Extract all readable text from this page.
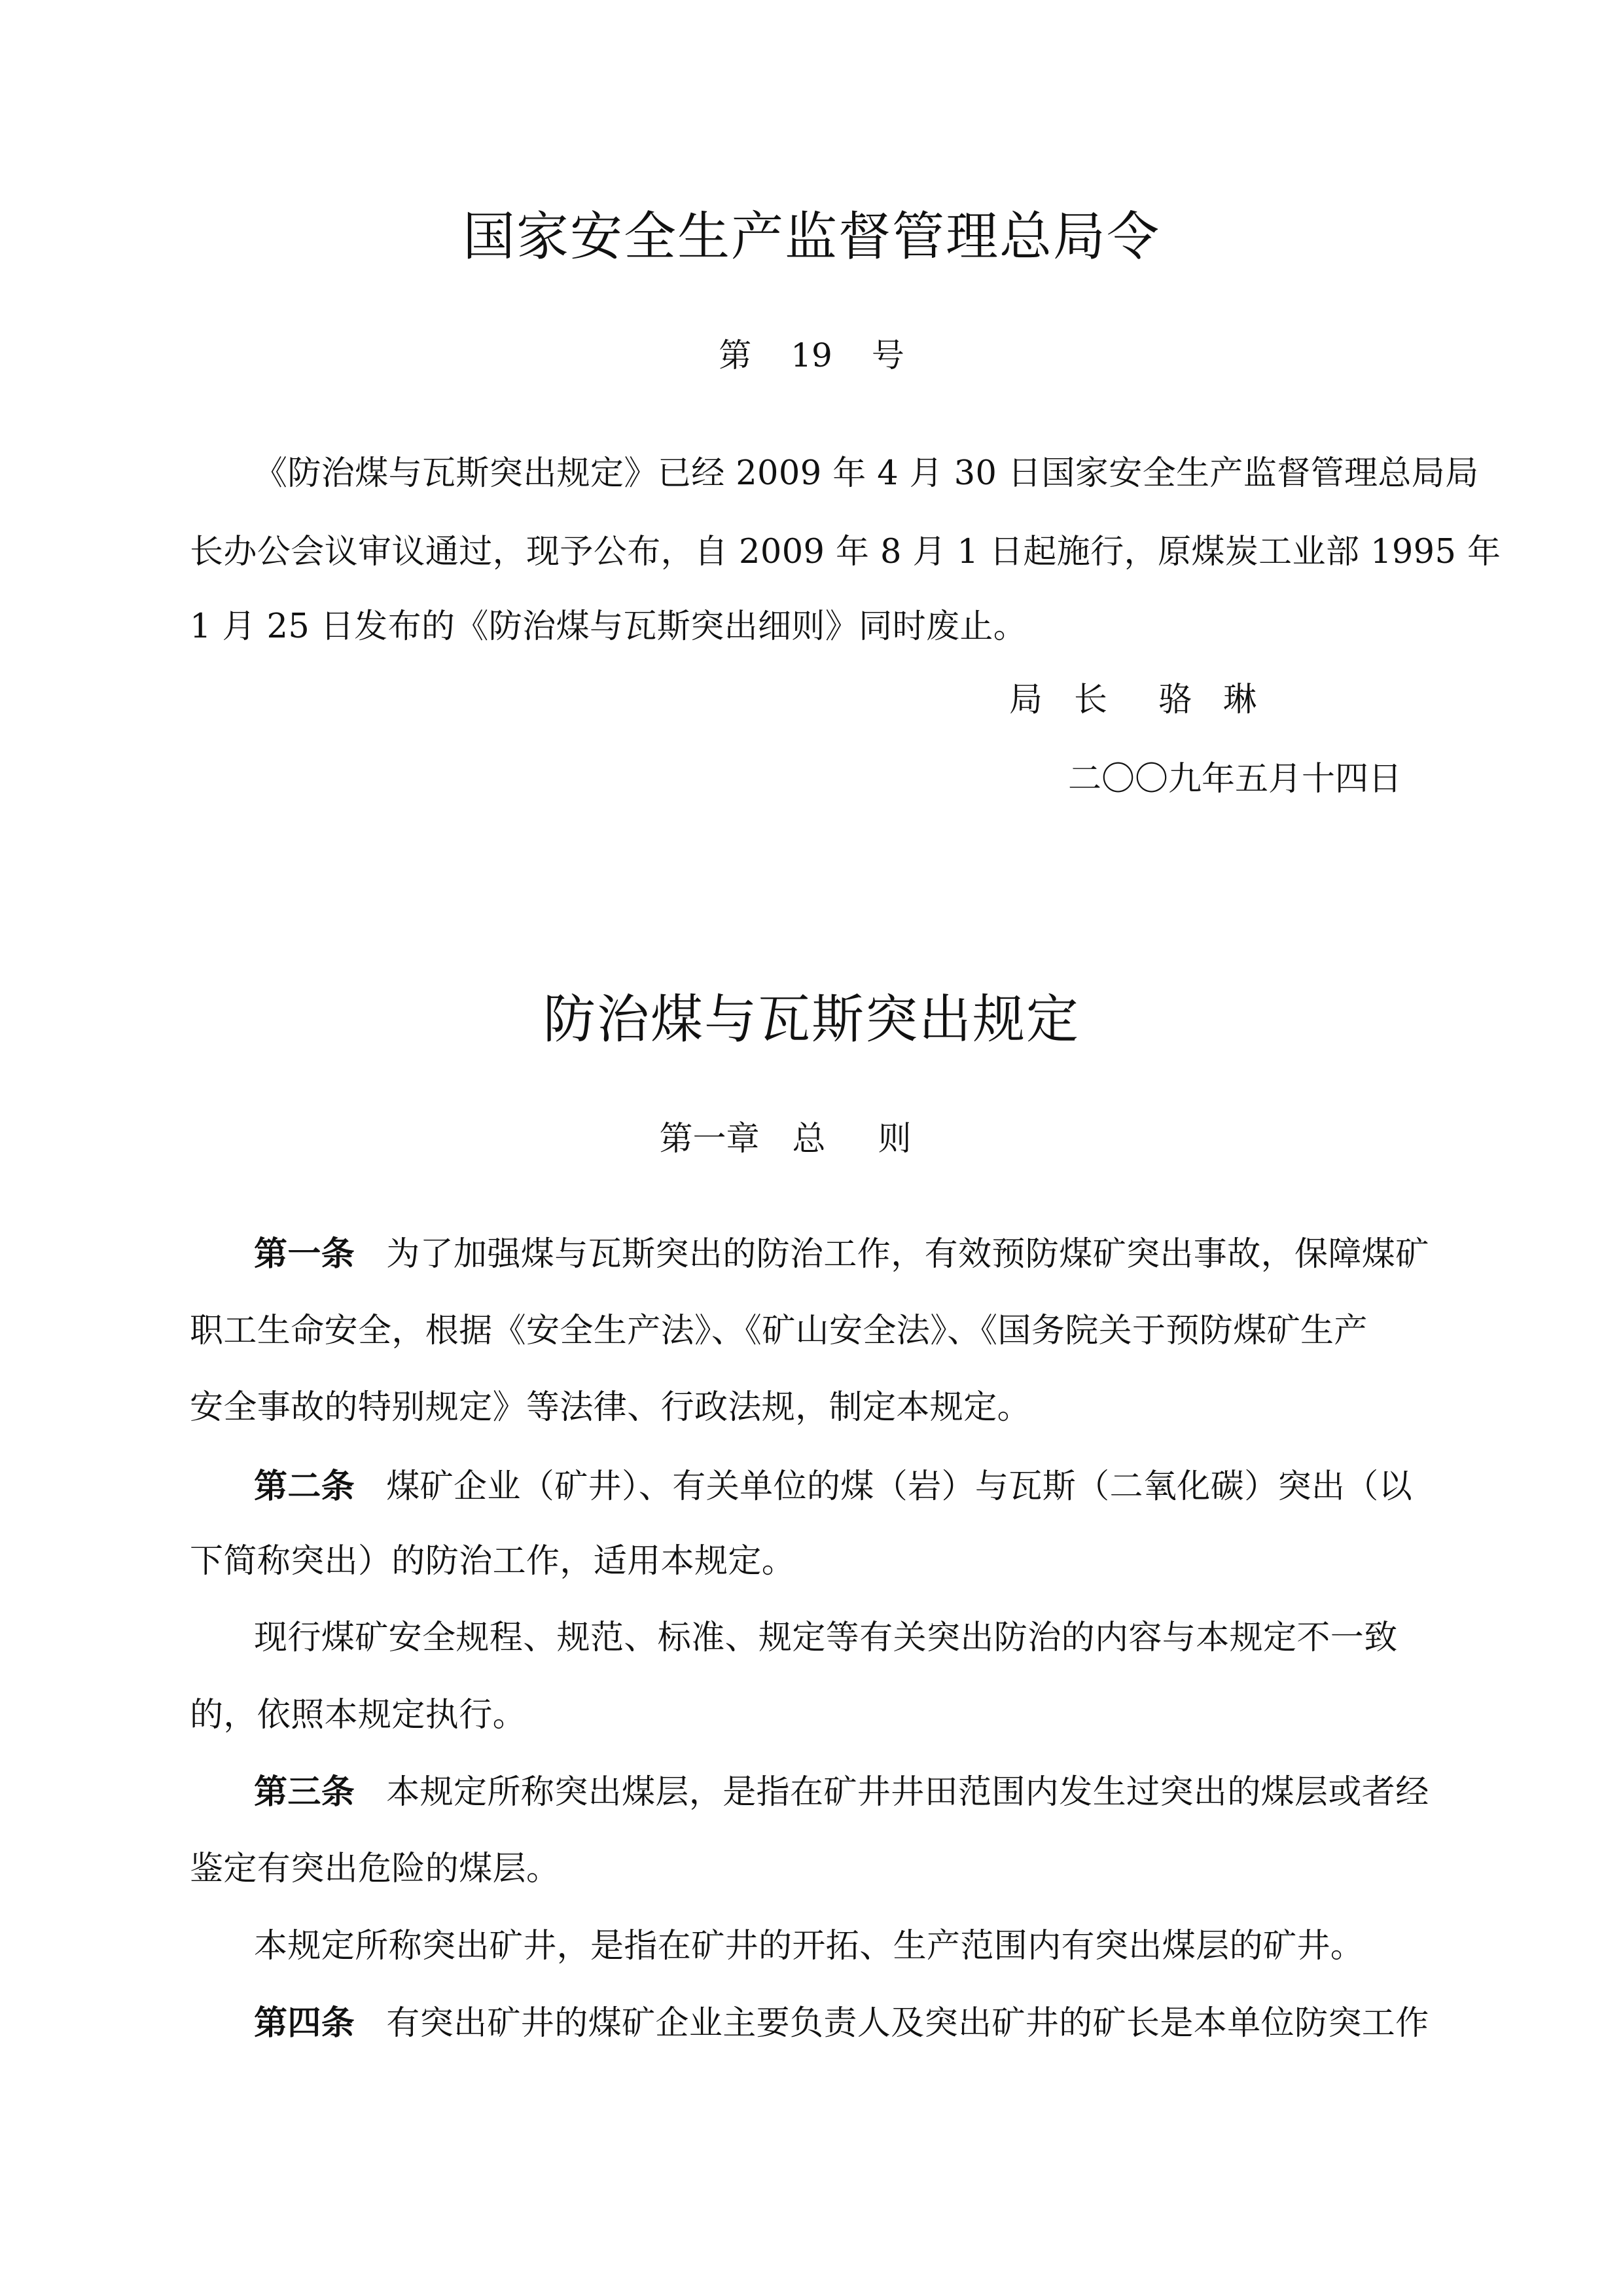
国家安全生产监督管理总局令
第 19 号
《防治煤与瓦斯突出规定》已经 2009 年 4 月 30 日国家安全生产监督管理总局局
长办公会议审议通过，现予公布，自 2009 年 8 月 1 日起施行，原煤炭工业部 1995 年
1 月 25 日发布的《防治煤与瓦斯突出细则》同时废止。
局长 骆琳
二〇〇九年五月十四日
防治煤与瓦斯突出规定
第一章 总则
第一条 为了加强煤与瓦斯突出的防治工作，有效预防煤矿突出事故，保障煤矿
职工生命安全，根据《安全生产法》、《矿山安全法》、《国务院关于预防煤矿生产
安全事故的特别规定》等法律、行政法规，制定本规定。
第二条 煤矿企业（矿井）、有关单位的煤（岩）与瓦斯（二氧化碳）突出（以
下简称突出）的防治工作，适用本规定。
现行煤矿安全规程、规范、标准、规定等有关突出防治的内容与本规定不一致
的，依照本规定执行。
第三条 本规定所称突出煤层，是指在矿井井田范围内发生过突出的煤层或者经
鉴定有突出危险的煤层。
本规定所称突出矿井，是指在矿井的开拓、生产范围内有突出煤层的矿井。
第四条 有突出矿井的煤矿企业主要负责人及突出矿井的矿长是本单位防突工作
